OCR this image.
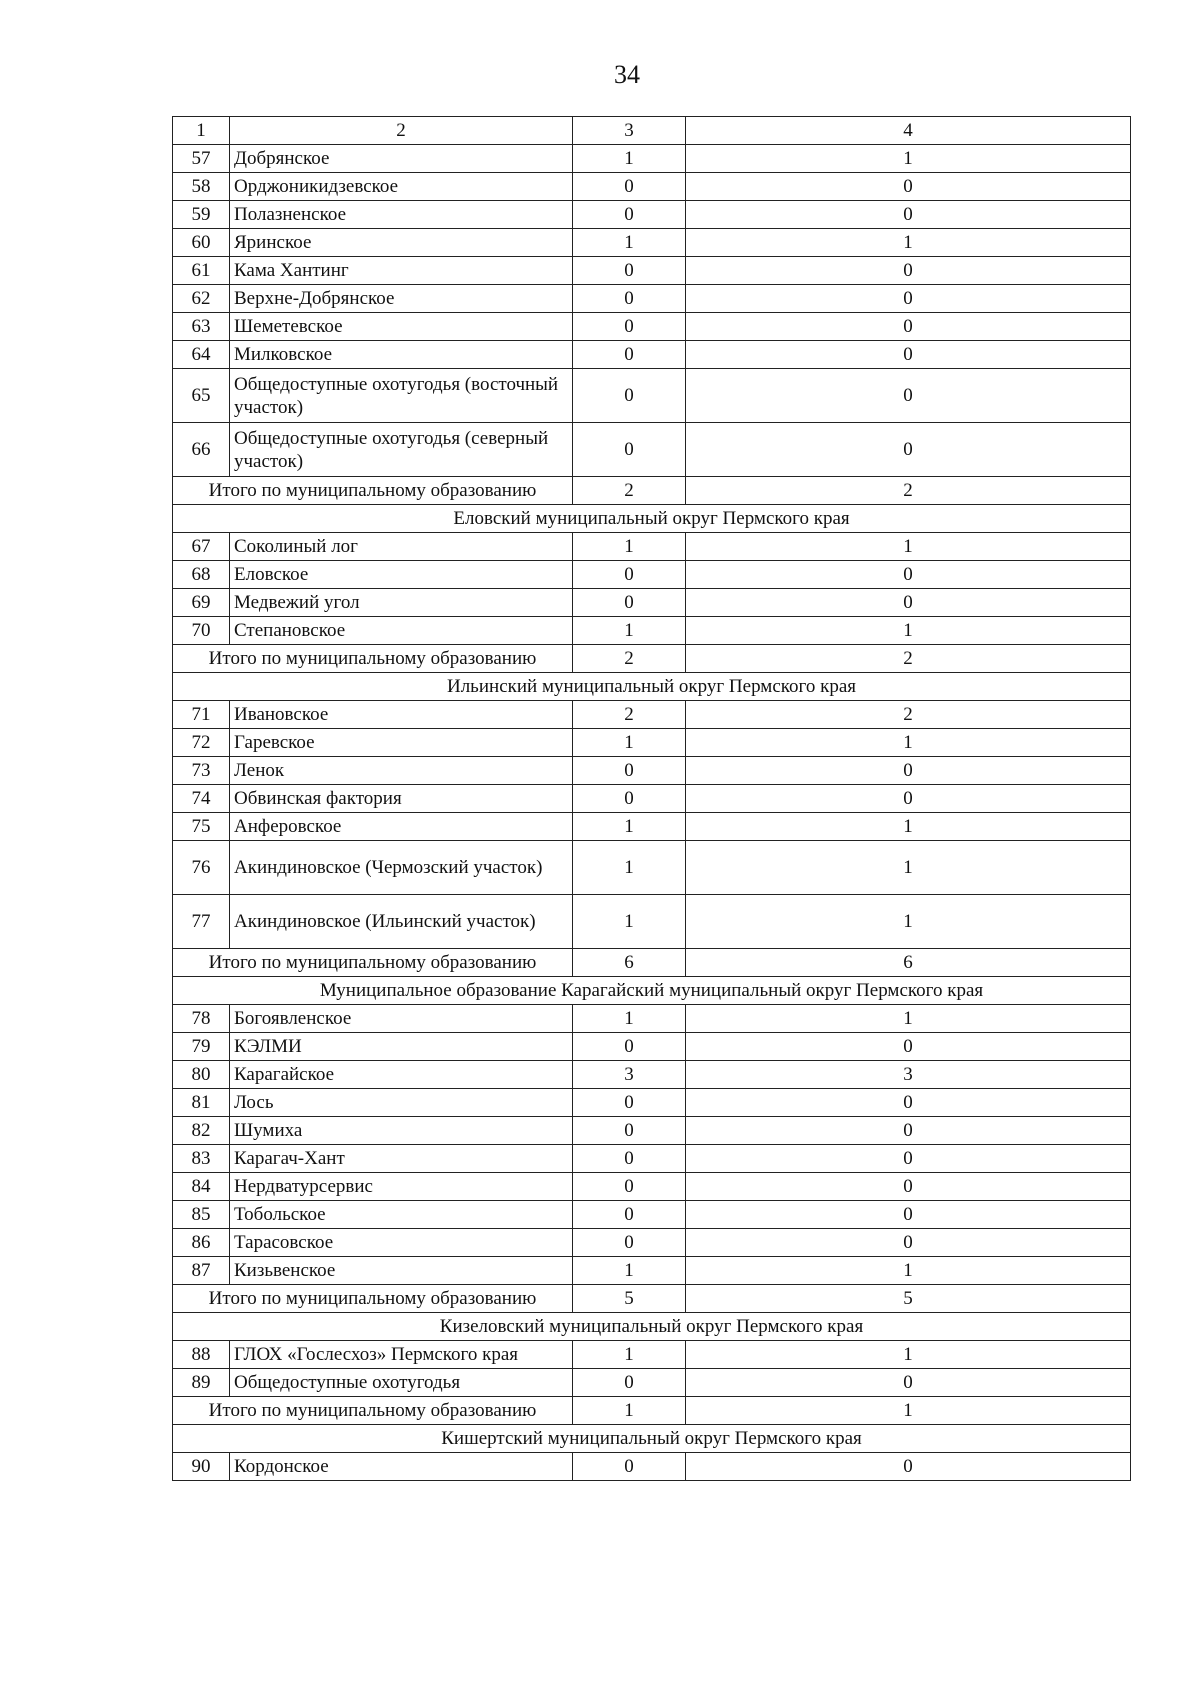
34
1	2	3	4
57	Добрянское	1	1
58	Орджоникидзевское	0	0
59	Полазненское	0	0
60	Яринское	1	1
61	Кама Хантинг	0	0
62	Верхне-Добрянское	0	0
63	Шеметевское	0	0
64	Милковское	0	0
65	Общедоступные охотугодья (восточный участок)	0	0
66	Общедоступные охотугодья (северный участок)	0	0
Итого по муниципальному образованию		2	2
Еловский муниципальный округ Пермского края			
67	Соколиный лог	1	1
68	Еловское	0	0
69	Медвежий угол	0	0
70	Степановское	1	1
Итого по муниципальному образованию		2	2
Ильинский муниципальный округ Пермского края			
71	Ивановское	2	2
72	Гаревское	1	1
73	Ленок	0	0
74	Обвинская фактория	0	0
75	Анферовское	1	1
76	Акиндиновское (Чермозский участок)	1	1
77	Акиндиновское (Ильинский участок)	1	1
Итого по муниципальному образованию		6	6
Муниципальное образование Карагайский муниципальный округ Пермского края			
78	Богоявленское	1	1
79	КЭЛМИ	0	0
80	Карагайское	3	3
81	Лось	0	0
82	Шумиха	0	0
83	Карагач-Хант	0	0
84	Нердватурсервис	0	0
85	Тобольское	0	0
86	Тарасовское	0	0
87	Кизьвенское	1	1
Итого по муниципальному образованию		5	5
Кизеловский муниципальный округ Пермского края			
88	ГЛОХ «Гослесхоз» Пермского края	1	1
89	Общедоступные охотугодья	0	0
Итого по муниципальному образованию		1	1
Кишертский муниципальный округ Пермского края			
90	Кордонское	0	0
